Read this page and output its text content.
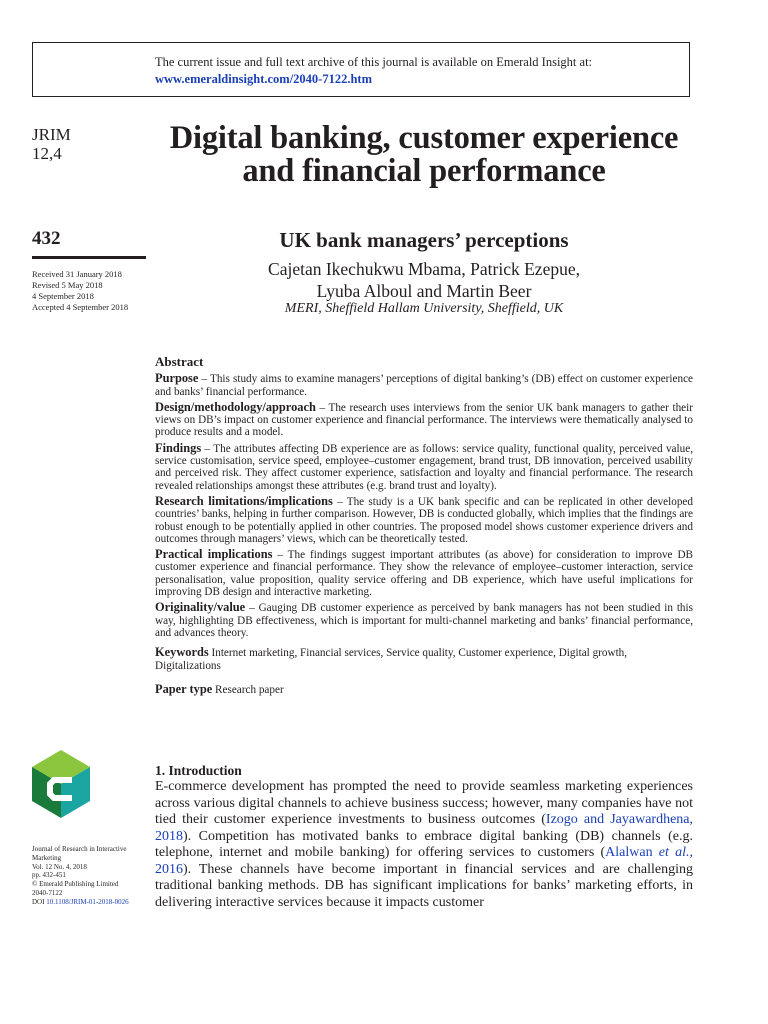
The current issue and full text archive of this journal is available on Emerald Insight at:
www.emeraldinsight.com/2040-7122.htm
JRIM
12,4
432
Received 31 January 2018
Revised 5 May 2018
4 September 2018
Accepted 4 September 2018
Digital banking, customer experience and financial performance
UK bank managers’ perceptions
Cajetan Ikechukwu Mbama, Patrick Ezepue,
Lyuba Alboul and Martin Beer
MERI, Sheffield Hallam University, Sheffield, UK
Abstract

Purpose – This study aims to examine managers’ perceptions of digital banking’s (DB) effect on customer experience and banks’ financial performance.

Design/methodology/approach – The research uses interviews from the senior UK bank managers to gather their views on DB’s impact on customer experience and financial performance. The interviews were thematically analysed to produce results and a model.

Findings – The attributes affecting DB experience are as follows: service quality, functional quality, perceived value, service customisation, service speed, employee–customer engagement, brand trust, DB innovation, perceived usability and perceived risk. They affect customer experience, satisfaction and loyalty and financial performance. The research revealed relationships amongst these attributes (e.g. brand trust and loyalty).

Research limitations/implications – The study is a UK bank specific and can be replicated in other developed countries’ banks, helping in further comparison. However, DB is conducted globally, which implies that the findings are robust enough to be potentially applied in other countries. The proposed model shows customer experience drivers and outcomes through managers’ views, which can be theoretically tested.

Practical implications – The findings suggest important attributes (as above) for consideration to improve DB customer experience and financial performance. They show the relevance of employee–customer interaction, service personalisation, value proposition, quality service offering and DB experience, which have useful implications for improving DB design and interactive marketing.

Originality/value – Gauging DB customer experience as perceived by bank managers has not been studied in this way, highlighting DB effectiveness, which is important for multi-channel marketing and banks’ financial performance, and advances theory.

Keywords Internet marketing, Financial services, Service quality, Customer experience, Digital growth, Digitalizations
Paper type Research paper
Journal of Research in Interactive
Marketing
Vol. 12 No. 4, 2018
pp. 432-451
© Emerald Publishing Limited
2040-7122
DOI 10.1108/JRIM-01-2018-0026
1. Introduction
E-commerce development has prompted the need to provide seamless marketing experiences across various digital channels to achieve business success; however, many companies have not tied their customer experience investments to business outcomes (Izogo and Jayawardhena, 2018). Competition has motivated banks to embrace digital banking (DB) channels (e.g. telephone, internet and mobile banking) for offering services to customers (Alalwan et al., 2016). These channels have become important in financial services and are challenging traditional banking methods. DB has significant implications for banks’ marketing efforts, in delivering interactive services because it impacts customer
